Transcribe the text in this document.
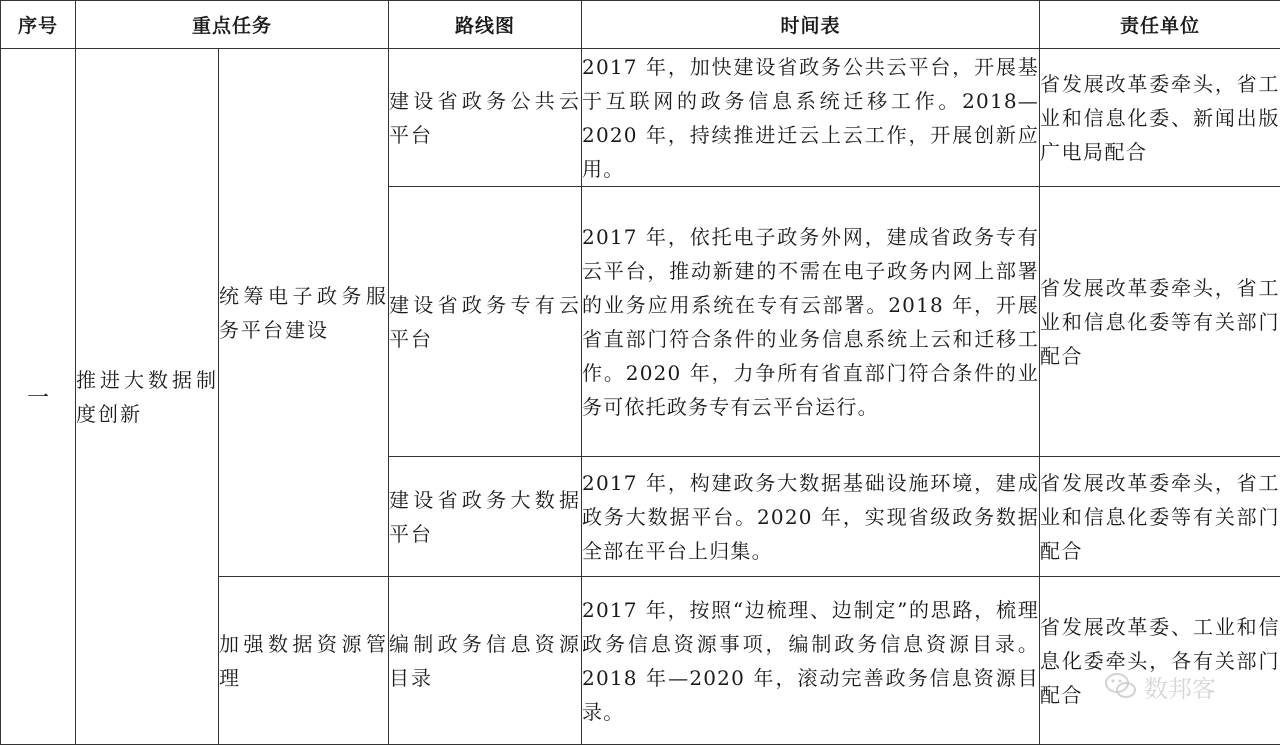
序号	重点任务		路线图	时间表	责任单位
一	推进大数据制度创新	统筹电子政务服务平台建设	建设省政务公共云平台	2017 年，加快建设省政务公共云平台，开展基于互联网的政务信息系统迁移工作。2018—2020 年，持续推进迁云上云工作，开展创新应用。	省发展改革委牵头，省工业和信息化委、新闻出版广电局配合
			建设省政务专有云平台	2017 年，依托电子政务外网，建成省政务专有云平台，推动新建的不需在电子政务内网上部署的业务应用系统在专有云部署。2018 年，开展省直部门符合条件的业务信息系统上云和迁移工作。2020 年，力争所有省直部门符合条件的业务可依托政务专有云平台运行。	省发展改革委牵头，省工业和信息化委等有关部门配合
			建设省政务大数据平台	2017 年，构建政务大数据基础设施环境，建成政务大数据平台。2020 年，实现省级政务数据全部在平台上归集。	省发展改革委牵头，省工业和信息化委等有关部门配合
		加强数据资源管理	编制政务信息资源目录	2017 年，按照“边梳理、边制定”的思路，梳理政务信息资源事项，编制政务信息资源目录。2018 年—2020 年，滚动完善政务信息资源目录。	省发展改革委、工业和信息化委牵头，各有关部门配合	数邦客
